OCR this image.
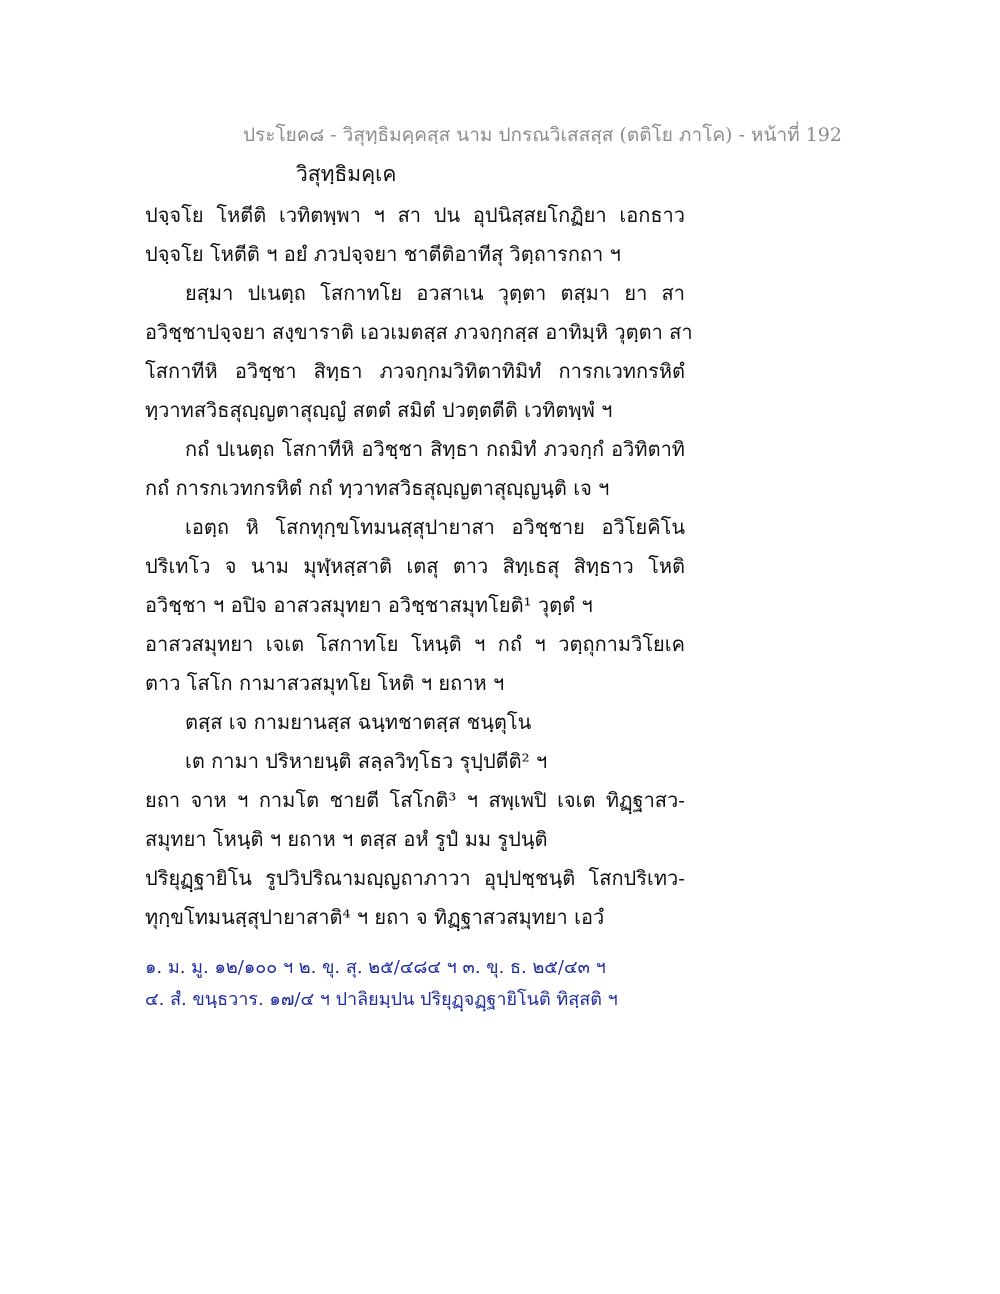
ประโยค๘ - วิสุทฺธิมคฺคสฺส นาม ปกรณวิเสสสฺส (ตติโย ภาโค) - หน้าที่ 192
วิสุทฺธิมคฺเค
ปจฺจโย โหตีติ เวทิตพฺพา ฯ สา ปน อุปนิสฺสยโกฏิยา เอกธาว
ปจฺจโย โหตีติ ฯ อยํ ภวปจฺจยา ชาตีติอาทีสุ วิตฺถารกถา ฯ
ยสฺมา ปเนตฺถ โสกาทโย อวสาเน วุตฺตา ตสฺมา ยา สา
อวิชฺชาปจฺจยา สงฺขาราติ เอวเมตสฺส ภวจกฺกสฺส อาทิมฺหิ วุตฺตา สา
โสกาทีหิ อวิชฺชา สิทฺธา ภวจกฺกมวิทิตาทิมิทํ การกเวทกรหิตํ
ทฺวาทสวิธสุญฺญตาสุญฺญํ สตตํ สมิตํ ปวตฺตตีติ เวทิตพฺพํ ฯ
กถํ ปเนตฺถ โสกาทีหิ อวิชฺชา สิทฺธา กถมิทํ ภวจกฺกํ อวิทิตาทิ
กถํ การกเวทกรหิตํ กถํ ทฺวาทสวิธสุญฺญตาสุญฺญนฺติ เจ ฯ
เอตฺถ หิ โสกทุกฺขโทมนสฺสุปายาสา อวิชฺชาย อวิโยคิโน
ปริเทโว จ นาม มุฬฺหสฺสาติ เตสุ ตาว สิทฺเธสุ สิทฺธาว โหติ
อวิชฺชา ฯ อปิจ อาสวสมุทยา อวิชฺชาสมุทโยติ¹ วุตฺตํ ฯ
อาสวสมุทยา เจเต โสกาทโย โหนฺติ ฯ กถํ ฯ วตฺถุกามวิโยเค
ตาว โสโก กามาสวสมุทโย โหติ ฯ ยถาห ฯ
ตสฺส เจ กามยานสฺส ฉนฺทชาตสฺส ชนฺตุโน
เต กามา ปริหายนฺติ สลฺลวิทฺโธว รุปฺปตีติ² ฯ
ยถา จาห ฯ กามโต ชายตี โสโกติ³ ฯ สพฺเพปิ เจเต ทิฏฺฐาสว-
สมุทยา โหนฺติ ฯ ยถาห ฯ ตสฺส อหํ รูปํ มม รูปนฺติ
ปริยุฏฺฐายิโน รูปวิปริณามญฺญถาภาวา อุปฺปชฺชนฺติ โสกปริเทว-
ทุกฺขโทมนสฺสุปายาสาติ⁴ ฯ ยถา จ ทิฏฺฐาสวสมุทยา เอวํ
๑. ม. มู. ๑๒/๑๐๐ ฯ ๒. ขุ. สุ. ๒๕/๔๘๔ ฯ ๓. ขุ. ธ. ๒๕/๔๓ ฯ
๔. สํ. ขนฺธวาร. ๑๗/๔ ฯ ปาลิยมฺปน ปริยุฏฺจฏฺฐายิโนติ ทิสฺสติ ฯ
